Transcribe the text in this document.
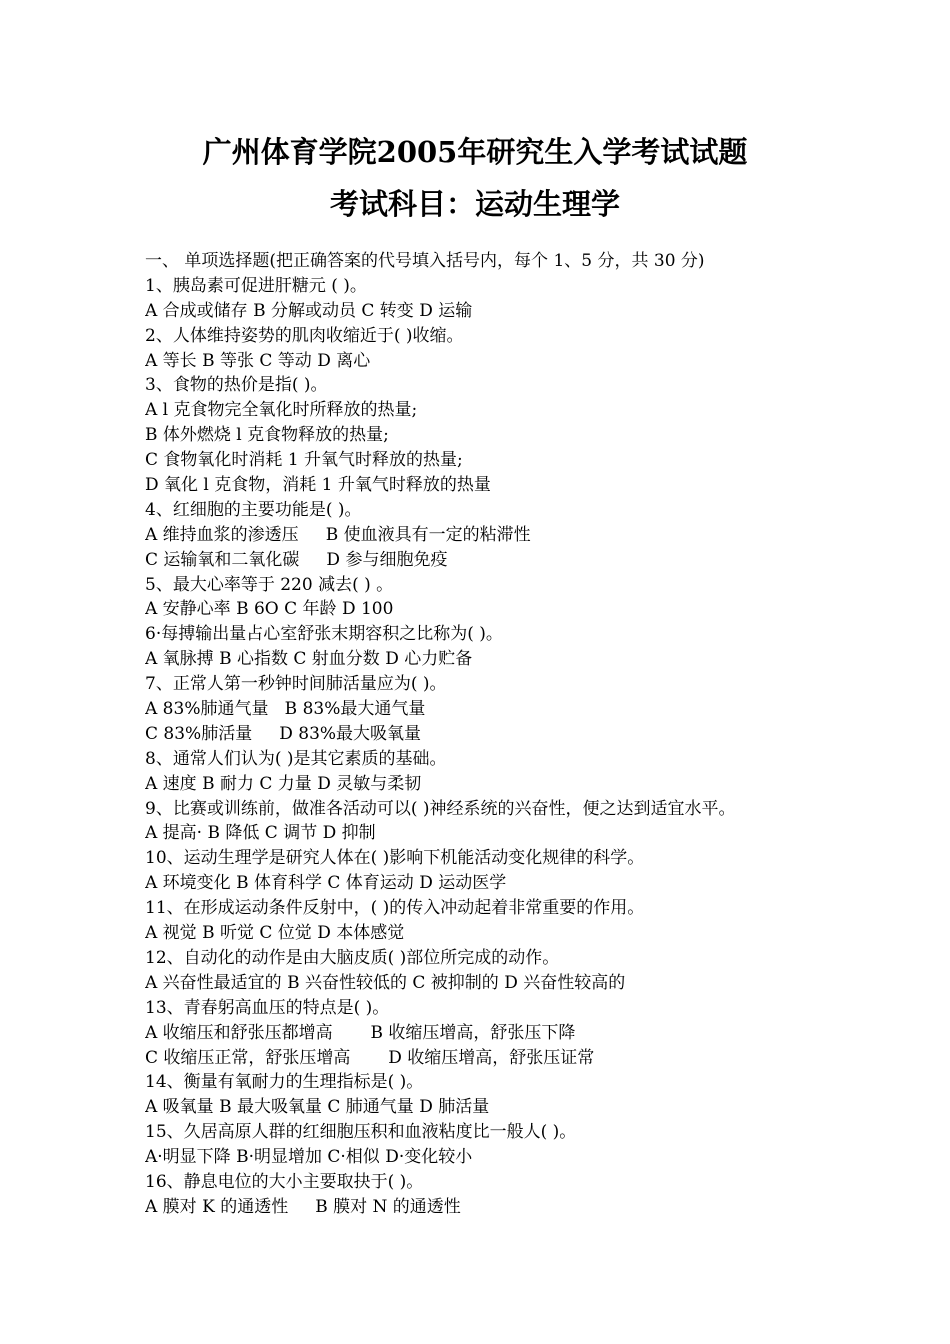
广州体育学院2005年研究生入学考试试题
考试科目：运动生理学
一、 单项选择题(把正确答案的代号填入括号内，每个 1、5 分，共 30 分)
1、胰岛素可促进肝糖元 ( )。
A 合成或储存 B 分解或动员 C 转变 D 运输
2、人体维持姿势的肌肉收缩近于( )收缩。
A 等长 B 等张 C 等动 D 离心
3、食物的热价是指( )。
A l 克食物完全氧化时所释放的热量;
B 体外燃烧 l 克食物释放的热量;
C 食物氧化时消耗 1 升氧气时释放的热量;
D 氧化 l 克食物，消耗 1 升氧气时释放的热量
4、红细胞的主要功能是( )。
A 维持血浆的渗透压     B 使血液具有一定的粘滞性
C 运输氧和二氧化碳     D 参与细胞免疫
5、最大心率等于 220 减去( ) 。
A 安静心率 B 6O C 年龄 D 100
6·每搏输出量占心室舒张末期容积之比称为( )。
A 氧脉搏 B 心指数 C 射血分数 D 心力贮备
7、正常人第一秒钟时间肺活量应为( )。
A 83%肺通气量   B 83%最大通气量
C 83%肺活量     D 83%最大吸氧量
8、通常人们认为( )是其它素质的基础。
A 速度 B 耐力 C 力量 D 灵敏与柔韧
9、比赛或训练前，做准各活动可以( )神经系统的兴奋性，便之达到适宜水平。
A 提高· B 降低 C 调节 D 抑制
10、运动生理学是研究人体在( )影响下机能活动变化规律的科学。
A 环境变化 B 体育科学 C 体育运动 D 运动医学
11、在形成运动条件反射中，( )的传入冲动起着非常重要的作用。
A 视觉 B 听觉 C 位觉 D 本体感觉
12、自动化的动作是由大脑皮质( )部位所完成的动作。
A 兴奋性最适宜的 B 兴奋性较低的 C 被抑制的 D 兴奋性较高的
13、青春躬高血压的特点是( )。
A 收缩压和舒张压都增高       B 收缩压增高，舒张压下降
C 收缩压正常，舒张压增高       D 收缩压增高，舒张压证常
14、衡量有氧耐力的生理指标是( )。
A 吸氧量 B 最大吸氧量 C 肺通气量 D 肺活量
15、久居高原人群的红细胞压积和血液粘度比一般人( )。
A·明显下降 B·明显增加 C·相似 D·变化较小
16、静息电位的大小主要取抉于( )。
A 膜对 K 的通透性     B 膜对 N 的通透性
